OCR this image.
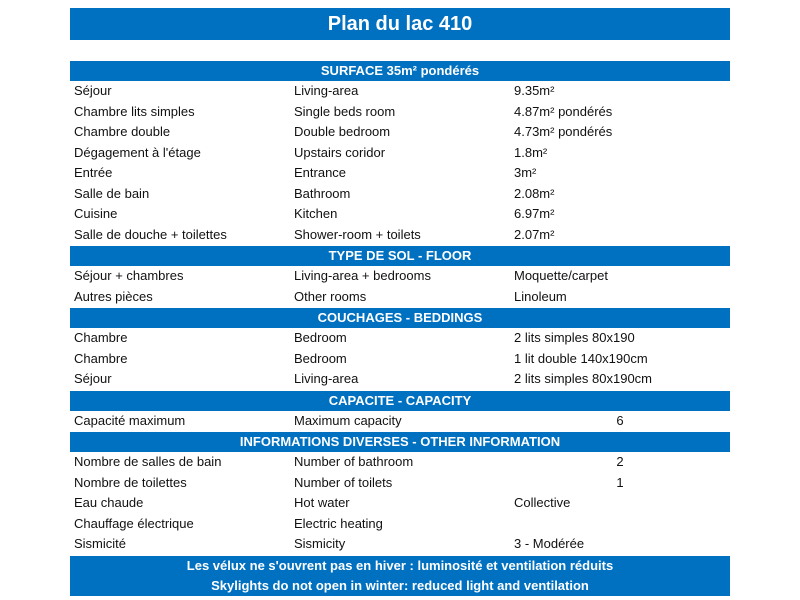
Plan du lac 410
SURFACE 35m² pondérés
Séjour	Living-area	9.35m²
Chambre lits simples	Single beds room	4.87m² pondérés
Chambre double	Double bedroom	4.73m² pondérés
Dégagement à l'étage	Upstairs coridor	1.8m²
Entrée	Entrance	3m²
Salle de bain	Bathroom	2.08m²
Cuisine	Kitchen	6.97m²
Salle de douche + toilettes	Shower-room + toilets	2.07m²
TYPE DE SOL - FLOOR
Séjour + chambres	Living-area + bedrooms	Moquette/carpet
Autres pièces	Other rooms	Linoleum
COUCHAGES - BEDDINGS
Chambre	Bedroom	2 lits simples 80x190
Chambre	Bedroom	1 lit double 140x190cm
Séjour	Living-area	2 lits simples 80x190cm
CAPACITE - CAPACITY
Capacité maximum	Maximum capacity	6
INFORMATIONS DIVERSES - OTHER INFORMATION
Nombre de salles de bain	Number of bathroom	2
Nombre de toilettes	Number of toilets	1
Eau chaude	Hot water	Collective
Chauffage électrique	Electric heating
Sismicité	Sismicity	3 - Modérée
Les vélux ne s'ouvrent pas en hiver : luminosité et ventilation réduits
Skylights do not open in winter: reduced light and ventilation
